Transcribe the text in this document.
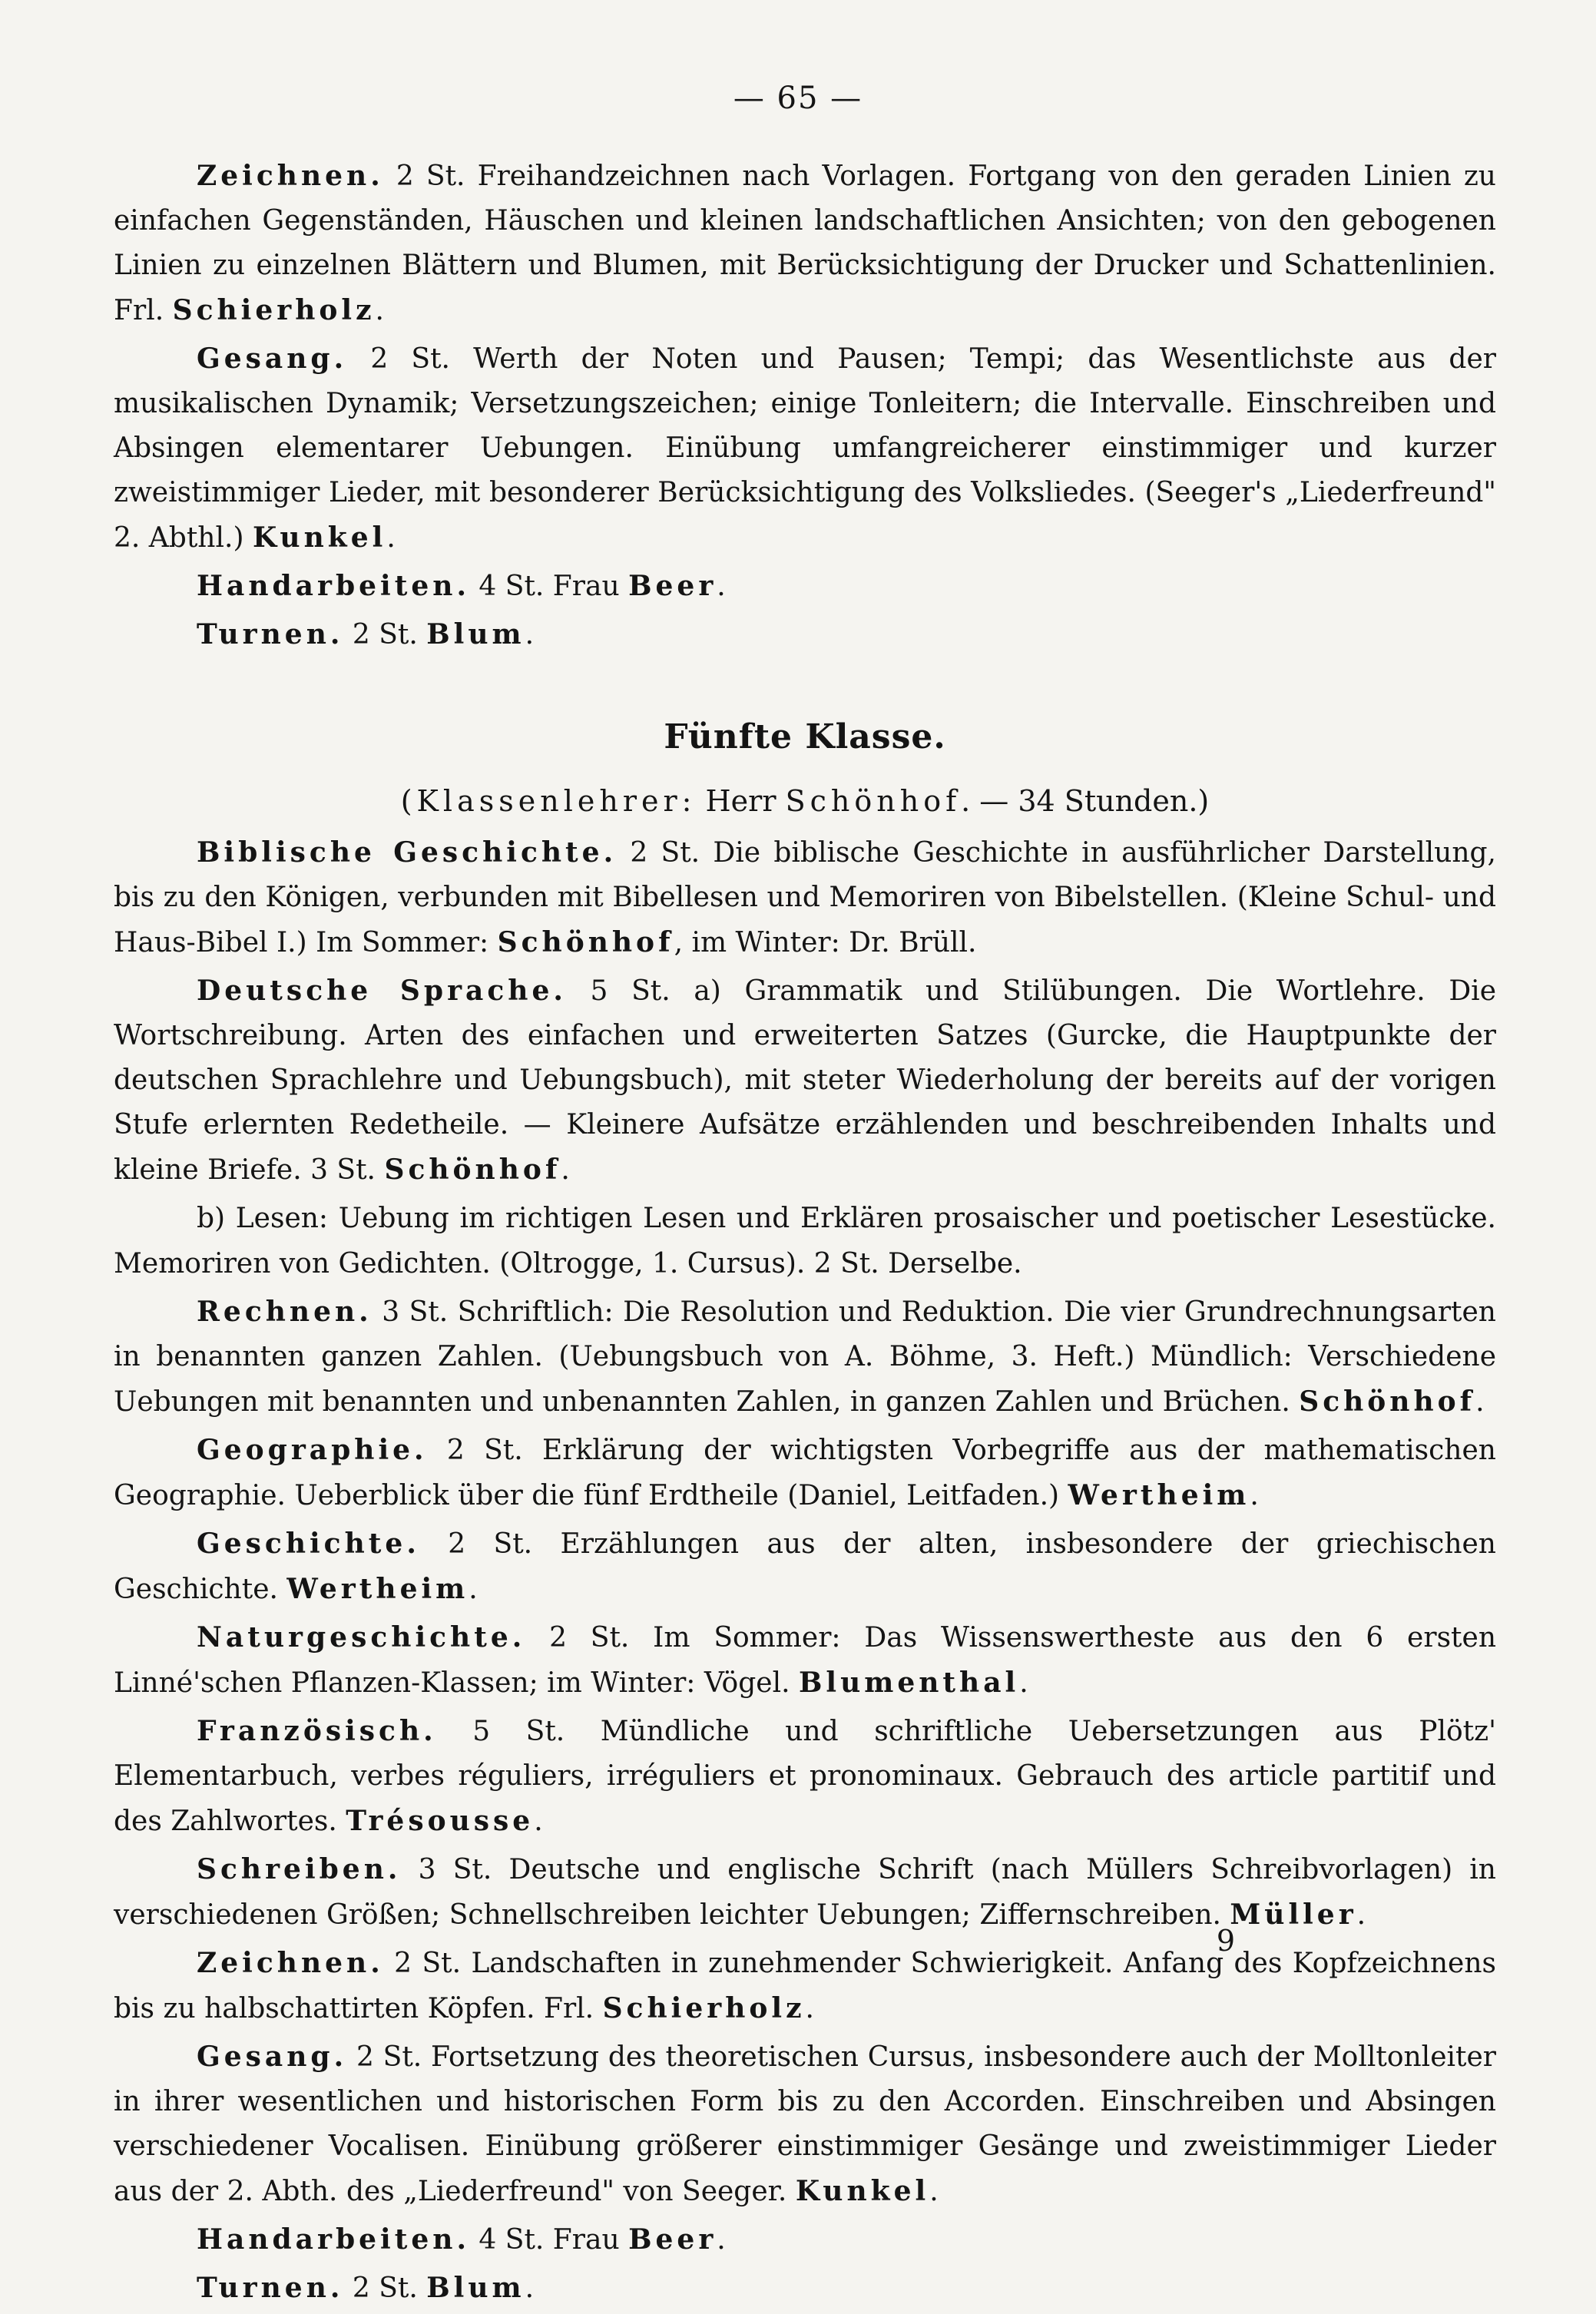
— 65 —

Zeichnen. 2 St. Freihandzeichnen nach Vorlagen. Fortgang von den geraden Linien zu einfachen Gegenständen, Häuschen und kleinen landschaftlichen Ansichten; von den gebogenen Linien zu einzelnen Blättern und Blumen, mit Berücksichtigung der Drucker und Schattenlinien. Frl. Schierholz.

Gesang. 2 St. Werth der Noten und Pausen; Tempi; das Wesentlichste aus der musikalischen Dynamik; Versetzungszeichen; einige Tonleitern; die Intervalle. Einschreiben und Absingen elementarer Uebungen. Einübung umfangreicherer einstimmiger und kurzer zweistimmiger Lieder, mit besonderer Berücksichtigung des Volksliedes. (Seeger's „Liederfreund" 2. Abthl.) Kunkel.

Handarbeiten. 4 St. Frau Beer.

Turnen. 2 St. Blum.

Fünfte Klasse.
(Klassenlehrer: Herr Schönhof. — 34 Stunden.)

Biblische Geschichte. 2 St. Die biblische Geschichte in ausführlicher Darstellung, bis zu den Königen, verbunden mit Bibellesen und Memoriren von Bibelstellen. (Kleine Schul- und Haus-Bibel I.) Im Sommer: Schönhof, im Winter: Dr. Brüll.

Deutsche Sprache. 5 St. a) Grammatik und Stilübungen. Die Wortlehre. Die Wortschreibung. Arten des einfachen und erweiterten Satzes (Gurcke, die Hauptpunkte der deutschen Sprachlehre und Uebungsbuch), mit steter Wiederholung der bereits auf der vorigen Stufe erlernten Redetheile. — Kleinere Aufsätze erzählenden und beschreibenden Inhalts und kleine Briefe. 3 St. Schönhof.

b) Lesen: Uebung im richtigen Lesen und Erklären prosaischer und poetischer Lesestücke. Memoriren von Gedichten. (Oltrogge, 1. Cursus). 2 St. Derselbe.

Rechnen. 3 St. Schriftlich: Die Resolution und Reduktion. Die vier Grundrechnungsarten in benannten ganzen Zahlen. (Uebungsbuch von A. Böhme, 3. Heft.) Mündlich: Verschiedene Uebungen mit benannten und unbenannten Zahlen, in ganzen Zahlen und Brüchen. Schönhof.

Geographie. 2 St. Erklärung der wichtigsten Vorbegriffe aus der mathematischen Geographie. Ueberblick über die fünf Erdtheile (Daniel, Leitfaden.) Wertheim.

Geschichte. 2 St. Erzählungen aus der alten, insbesondere der griechischen Geschichte. Wertheim.

Naturgeschichte. 2 St. Im Sommer: Das Wissenswertheste aus den 6 ersten Linné'schen Pflanzen-Klassen; im Winter: Vögel. Blumenthal.

Französisch. 5 St. Mündliche und schriftliche Uebersetzungen aus Plötz' Elementarbuch, verbes réguliers, irréguliers et pronominaux. Gebrauch des article partitif und des Zahlwortes. Trésousse.

Schreiben. 3 St. Deutsche und englische Schrift (nach Müllers Schreibvorlagen) in verschiedenen Größen; Schnellschreiben leichter Uebungen; Ziffernschreiben. Müller.

Zeichnen. 2 St. Landschaften in zunehmender Schwierigkeit. Anfang des Kopfzeichnens bis zu halbschattirten Köpfen. Frl. Schierholz.

Gesang. 2 St. Fortsetzung des theoretischen Cursus, insbesondere auch der Molltonleiter in ihrer wesentlichen und historischen Form bis zu den Accorden. Einschreiben und Absingen verschiedener Vocalisen. Einübung größerer einstimmiger Gesänge und zweistimmiger Lieder aus der 2. Abth. des „Liederfreund" von Seeger. Kunkel.

Handarbeiten. 4 St. Frau Beer.

Turnen. 2 St. Blum.

9
